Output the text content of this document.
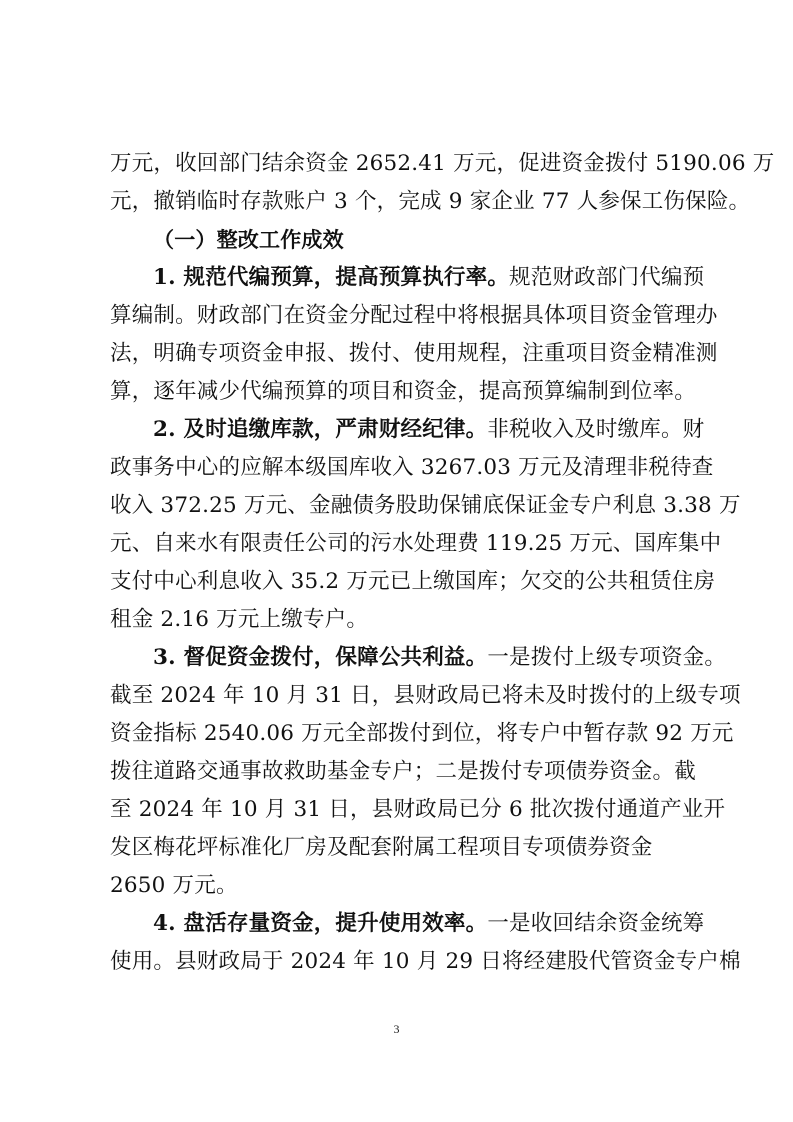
万元，收回部门结余资金 2652.41 万元，促进资金拨付 5190.06 万
元，撤销临时存款账户 3 个，完成 9 家企业 77 人参保工伤保险。
（一）整改工作成效
1. 规范代编预算，提高预算执行率。规范财政部门代编预
算编制。财政部门在资金分配过程中将根据具体项目资金管理办
法，明确专项资金申报、拨付、使用规程，注重项目资金精准测
算，逐年减少代编预算的项目和资金，提高预算编制到位率。
2. 及时追缴库款，严肃财经纪律。非税收入及时缴库。财
政事务中心的应解本级国库收入 3267.03 万元及清理非税待查
收入 372.25 万元、金融债务股助保铺底保证金专户利息 3.38 万
元、自来水有限责任公司的污水处理费 119.25 万元、国库集中
支付中心利息收入 35.2 万元已上缴国库；欠交的公共租赁住房
租金 2.16 万元上缴专户。
3. 督促资金拨付，保障公共利益。一是拨付上级专项资金。
截至 2024 年 10 月 31 日，县财政局已将未及时拨付的上级专项
资金指标 2540.06 万元全部拨付到位，将专户中暂存款 92 万元
拨往道路交通事故救助基金专户；二是拨付专项债券资金。截
至 2024 年 10 月 31 日，县财政局已分 6 批次拨付通道产业开
发区梅花坪标准化厂房及配套附属工程项目专项债券资金
2650 万元。
4. 盘活存量资金，提升使用效率。一是收回结余资金统筹
使用。县财政局于 2024 年 10 月 29 日将经建股代管资金专户棉
3
